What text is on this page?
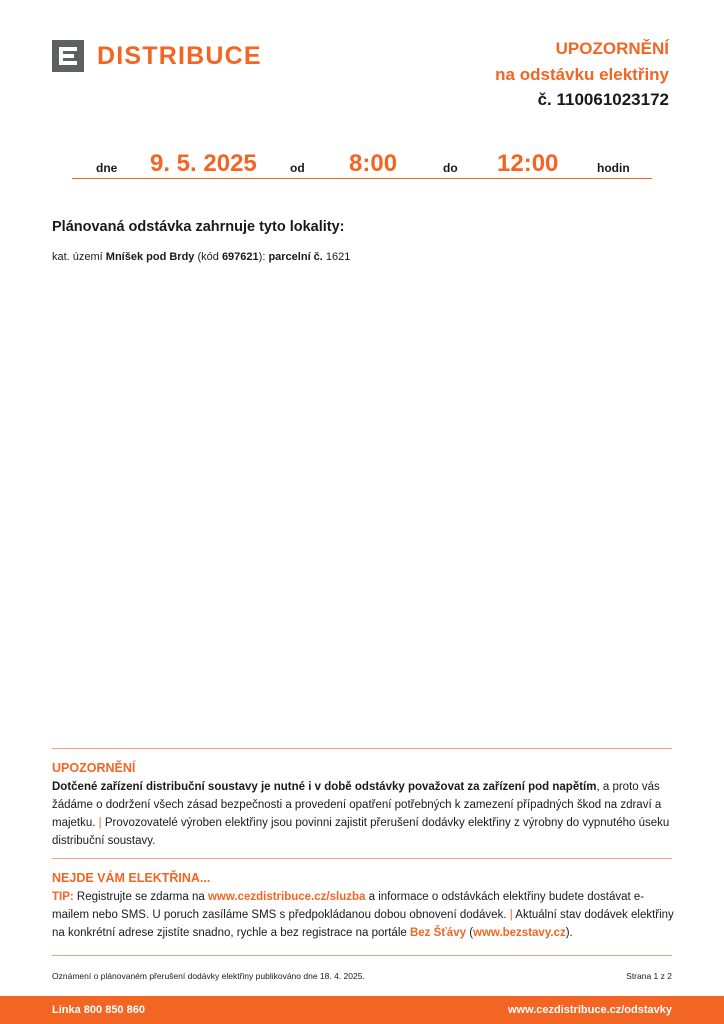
DISTRIBUCE	UPOZORNĚNÍ
na odstávku elektřiny
č. 110061023172
dne 9. 5. 2025	od 8:00	do 12:00	hodin
Plánovaná odstávka zahrnuje tyto lokality:
kat. území Mníšek pod Brdy (kód 697621): parcelní č. 1621
UPOZORNĚNÍ
Dotčené zařízení distribuční soustavy je nutné i v době odstávky považovat za zařízení pod napětím, a proto vás žádáme o dodržení všech zásad bezpečnosti a provedení opatření potřebných k zamezení případných škod na zdraví a majetku. | Provozovatelé výroben elektřiny jsou povinni zajistit přerušení dodávky elektřiny z výrobny do vypnutého úseku distribuční soustavy.
NEJDE VÁM ELEKTŘINA...
TIP: Registrujte se zdarma na www.cezdistribuce.cz/sluzba a informace o odstávkách elektřiny budete dostávat e-mailem nebo SMS. U poruch zasíláme SMS s předpokládanou dobou obnovení dodávek. | Aktuální stav dodávek elektřiny na konkrétní adrese zjistíte snadno, rychle a bez registrace na portále Bez Šťávy (www.bezstavy.cz).
Oznámení o plánovaném přerušení dodávky elektřiny publikováno dne 18. 4. 2025.	Strana 1 z 2
Linka 800 850 860	www.cezdistribuce.cz/odstavky
